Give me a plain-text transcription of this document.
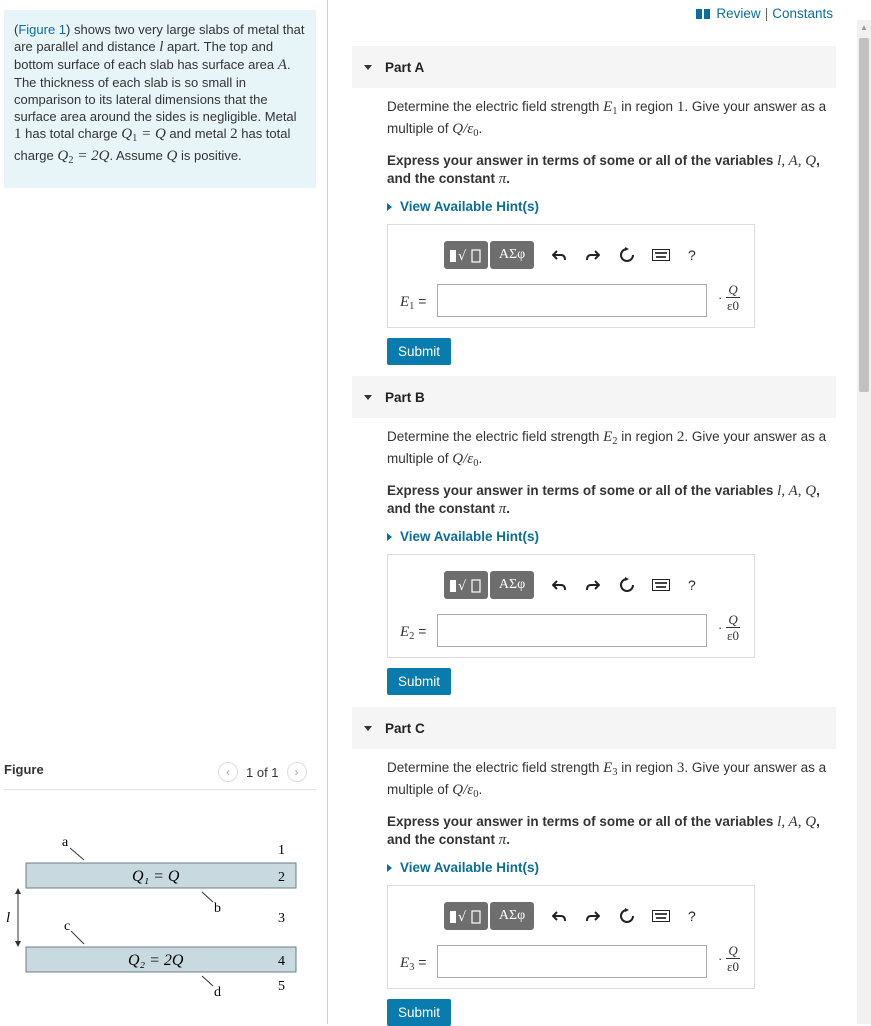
(Figure 1) shows two very large slabs of metal that are parallel and distance l apart. The top and bottom surface of each slab has surface area A. The thickness of each slab is so small in comparison to its lateral dimensions that the surface area around the sides is negligible. Metal 1 has total charge $Q_1 = Q$ and metal 2 has total charge $Q_2 = 2Q$. Assume Q is positive.
Figure	‹	1 of 1	›
Q₁ = Q
Q₂ = 2Q
a
b
c
d
l
1
2
3
4
5
Review | Constants
▲
Part A
Determine the electric field strength $E_1$ in region 1. Give your answer as a multiple of $Q/\varepsilon_0$.
Express your answer in terms of some or all of the variables l, A, Q, and the constant π.
View Available Hint(s)
√	ΑΣφ	?
$E_1$ =	· $\frac{Q}{\varepsilon 0}$
Submit
Part B
Determine the electric field strength $E_2$ in region 2. Give your answer as a multiple of $Q/\varepsilon_0$.
Express your answer in terms of some or all of the variables l, A, Q, and the constant π.
View Available Hint(s)
√	ΑΣφ	?
$E_2$ =	· $\frac{Q}{\varepsilon 0}$
Submit
Part C
Determine the electric field strength $E_3$ in region 3. Give your answer as a multiple of $Q/\varepsilon_0$.
Express your answer in terms of some or all of the variables l, A, Q, and the constant π.
View Available Hint(s)
√	ΑΣφ	?
$E_3$ =	· $\frac{Q}{\varepsilon 0}$
Submit
